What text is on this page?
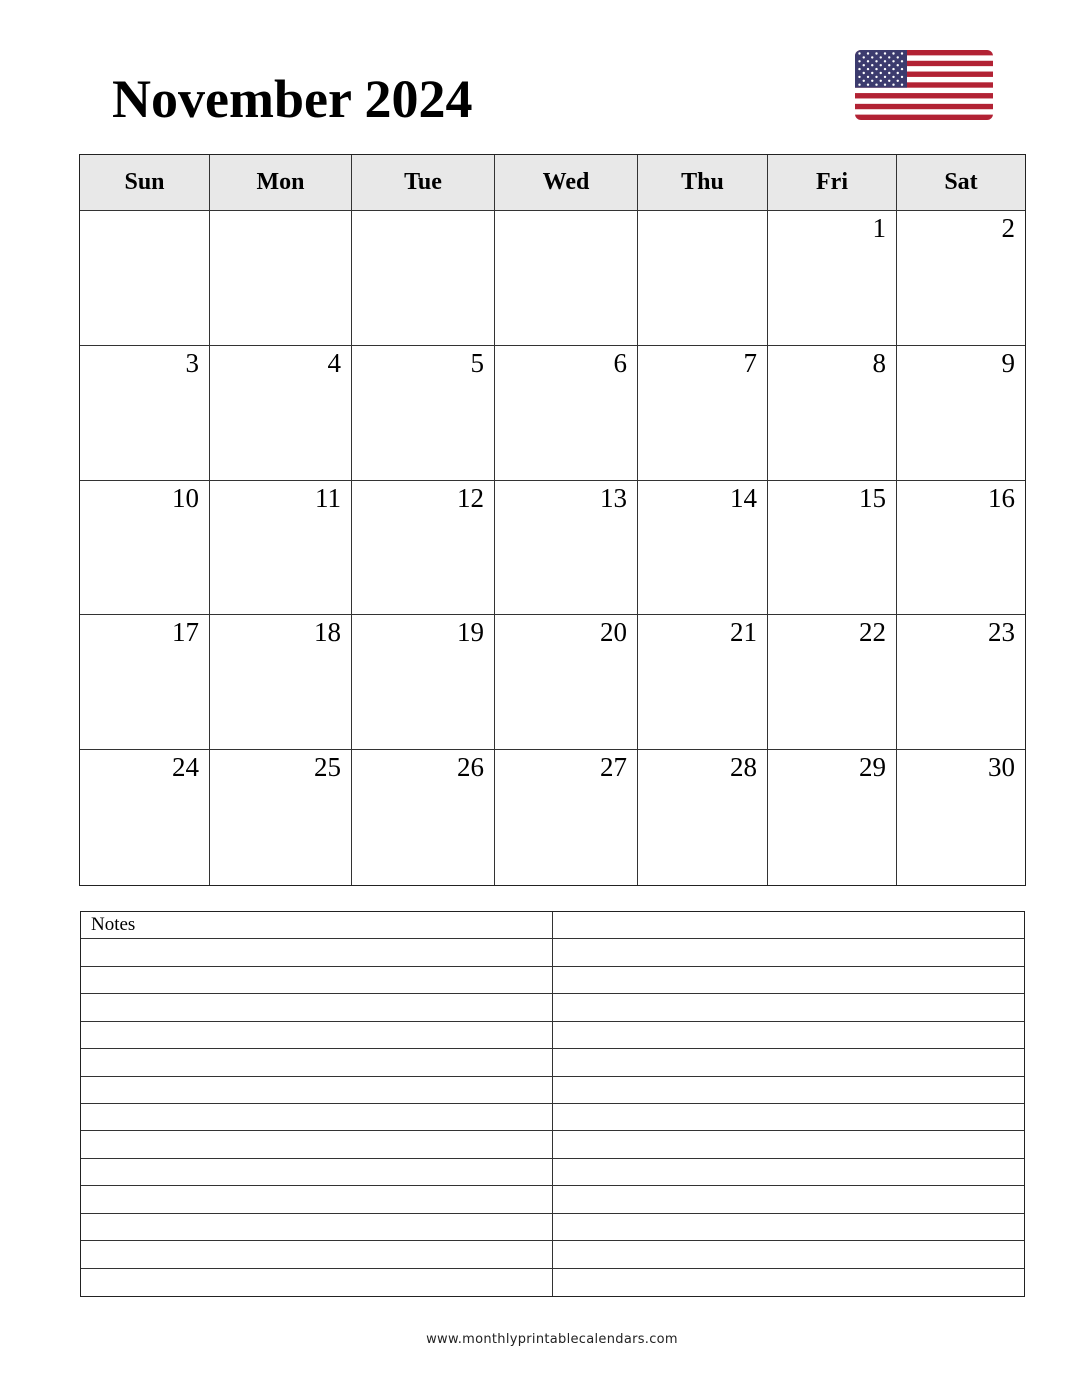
November 2024
Sun	Mon	Tue	Wed	Thu	Fri	Sat
1	2
3	4	5	6	7	8	9
10	11	12	13	14	15	16
17	18	19	20	21	22	23
24	25	26	27	28	29	30
Notes
www.monthlyprintablecalendars.com
